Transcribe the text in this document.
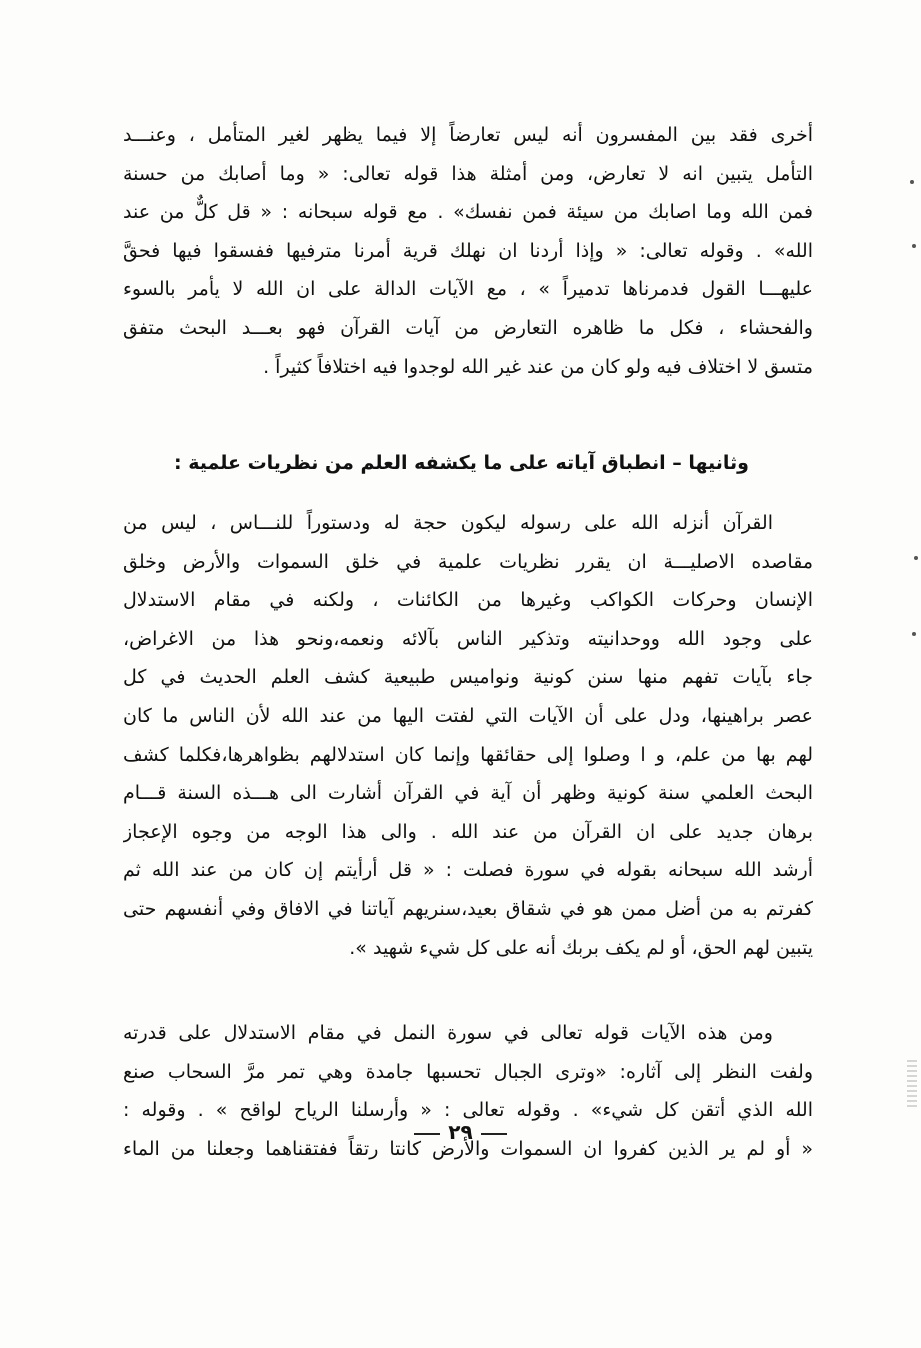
أخرى فقد بين المفسرون أنه ليس تعارضاً إلا فيما يظهر لغير المتأمل ، وعنـــد
التأمل يتبين انه لا تعارض، ومن أمثلة هذا قوله تعالى: « وما أصابك من حسنة
فمن الله وما اصابك من سيئة فمن نفسك» . مع قوله سبحانه : « قل كلٌّ من عند
الله» . وقوله تعالى: « وإذا أردنا ان نهلك قرية أمرنا مترفيها ففسقوا فيها فحقَّ
عليهـــا القول فدمرناها تدميراً » ، مع الآيات الدالة على ان الله لا يأمر بالسوء
والفحشاء ، فكل ما ظاهره التعارض من آيات القرآن فهو بعـــد البحث متفق
متسق لا اختلاف فيه ولو كان من عند غير الله لوجدوا فيه اختلافاً كثيراً .
وثانيها – انطباق آياته على ما يكشفه العلم من نظريات علمية :
القرآن أنزله الله على رسوله ليكون حجة له ودستوراً للنـــاس ، ليس من
مقاصده الاصليـــة ان يقرر نظريات علمية في خلق السموات والأرض وخلق
الإنسان وحركات الكواكب وغيرها من الكائنات ، ولكنه في مقام الاستدلال
على وجود الله ووحدانيته وتذكير الناس بآلائه ونعمه،ونحو هذا من الاغراض،
جاء بآيات تفهم منها سنن كونية ونواميس طبيعية كشف العلم الحديث في كل
عصر براهينها، ودل على أن الآيات التي لفتت اليها من عند الله لأن الناس ما كان
لهم بها من علم، و ا وصلوا إلى حقائقها وإنما كان استدلالهم بظواهرها،فكلما كشف
البحث العلمي سنة كونية وظهر أن آية في القرآن أشارت الى هـــذه السنة قـــام
برهان جديد على ان القرآن من عند الله . والى هذا الوجه من وجوه الإعجاز
أرشد الله سبحانه بقوله في سورة فصلت : « قل أرأيتم إن كان من عند الله ثم
كفرتم به من أضل ممن هو في شقاق بعيد،سنريهم آياتنا في الافاق وفي أنفسهم حتى
يتبين لهم الحق، أو لم يكف بربك أنه على كل شيء شهيد ».
ومن هذه الآيات قوله تعالى في سورة النمل في مقام الاستدلال على قدرته
ولفت النظر إلى آثاره: «وترى الجبال تحسبها جامدة وهي تمر مرَّ السحاب صنع
الله الذي أتقن كل شيء» . وقوله تعالى : « وأرسلنا الرياح لواقح » . وقوله :
« أو لم ير الذين كفروا ان السموات والأرض كانتا رتقاً ففتقناهما وجعلنا من الماء
٢٩
